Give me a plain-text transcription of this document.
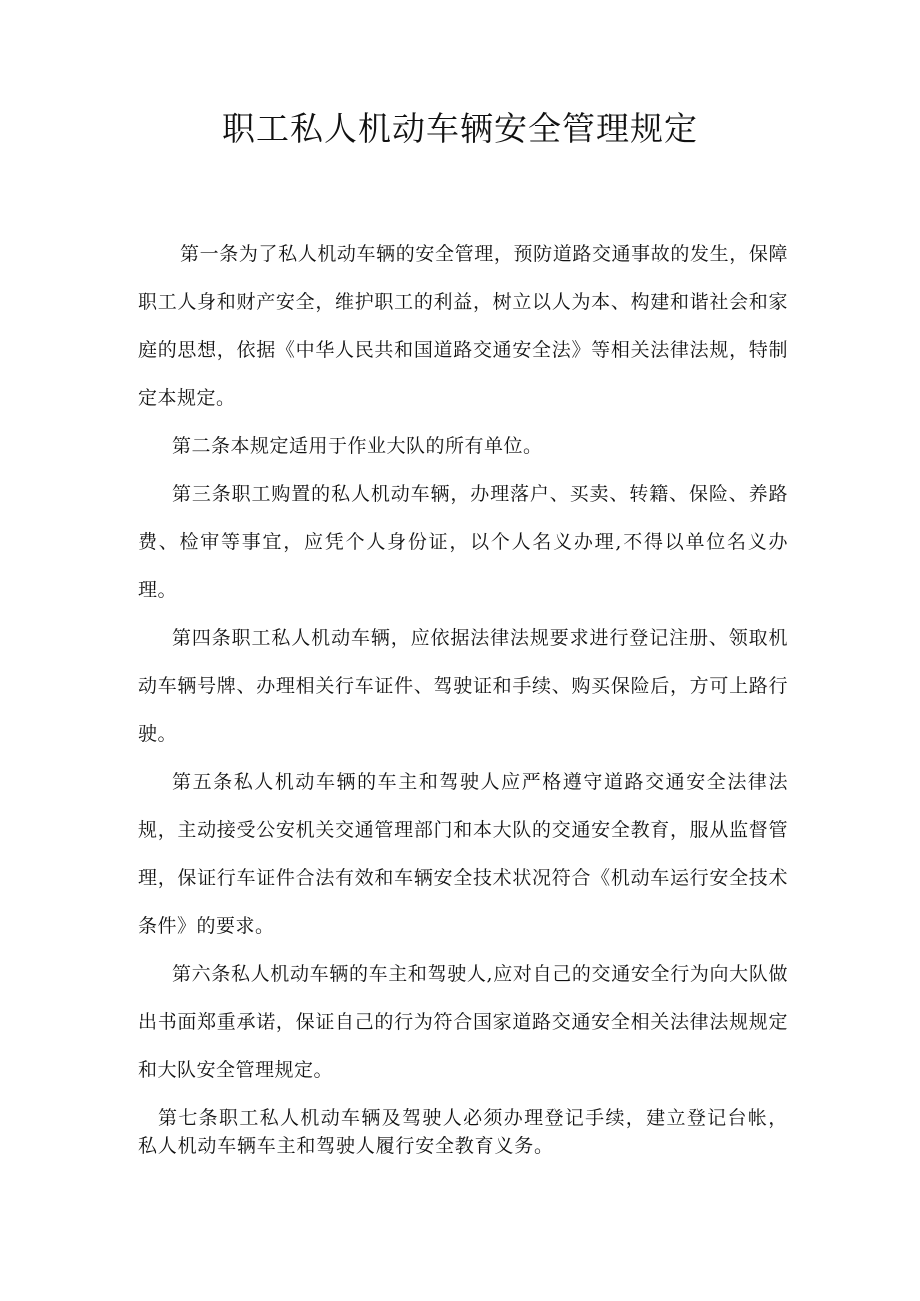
职工私人机动车辆安全管理规定

第一条为了私人机动车辆的安全管理，预防道路交通事故的发生，保障职工人身和财产安全，维护职工的利益，树立以人为本、构建和谐社会和家庭的思想，依据《中华人民共和国道路交通安全法》等相关法律法规，特制定本规定。

第二条本规定适用于作业大队的所有单位。

第三条职工购置的私人机动车辆，办理落户、买卖、转籍、保险、养路费、检审等事宜，应凭个人身份证，以个人名义办理,不得以单位名义办理。

第四条职工私人机动车辆，应依据法律法规要求进行登记注册、领取机动车辆号牌、办理相关行车证件、驾驶证和手续、购买保险后，方可上路行驶。

第五条私人机动车辆的车主和驾驶人应严格遵守道路交通安全法律法规，主动接受公安机关交通管理部门和本大队的交通安全教育，服从监督管理，保证行车证件合法有效和车辆安全技术状况符合《机动车运行安全技术条件》的要求。

第六条私人机动车辆的车主和驾驶人,应对自己的交通安全行为向大队做出书面郑重承诺，保证自己的行为符合国家道路交通安全相关法律法规规定和大队安全管理规定。

第七条职工私人机动车辆及驾驶人必须办理登记手续，建立登记台帐，私人机动车辆车主和驾驶人履行安全教育义务。
